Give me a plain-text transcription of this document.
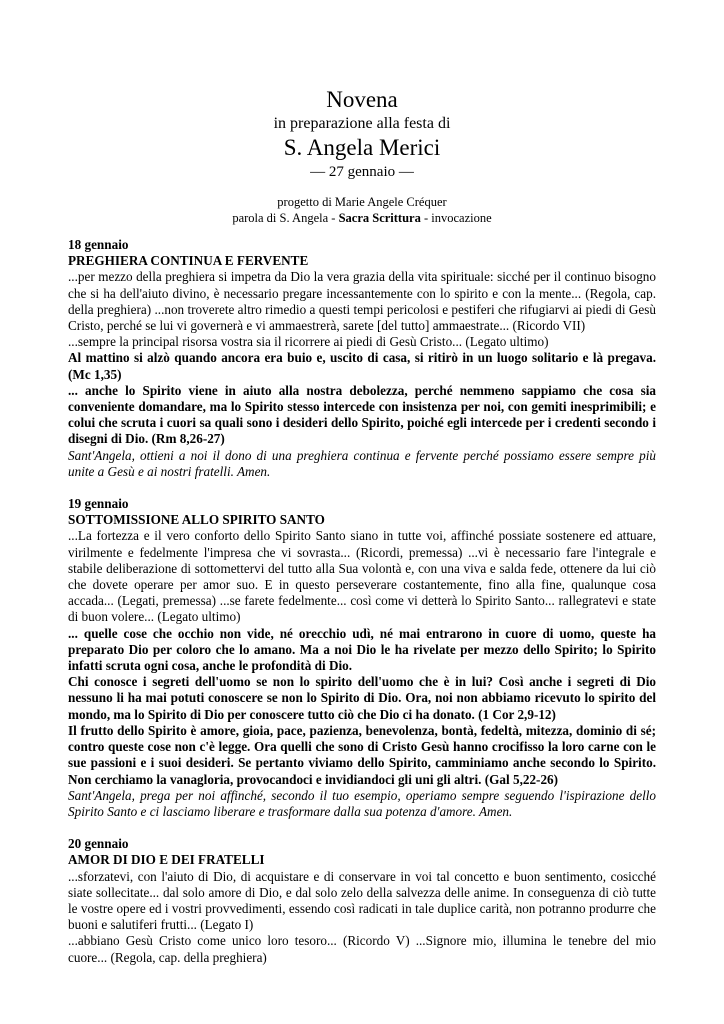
Novena
in preparazione alla festa di
S. Angela Merici
— 27 gennaio —
progetto di Marie Angele Créquer
parola di S. Angela - Sacra Scrittura - invocazione
18 gennaio
PREGHIERA CONTINUA E FERVENTE

...per mezzo della preghiera si impetra da Dio la vera grazia della vita spirituale: sicché per il continuo bisogno che si ha dell'aiuto divino, è necessario pregare incessantemente con lo spirito e con la mente... (Regola, cap. della preghiera) ...non troverete altro rimedio a questi tempi pericolosi e pestiferi che rifugiarvi ai piedi di Gesù Cristo, perché se lui vi governerà e vi ammaestrerà, sarete [del tutto] ammaestrate... (Ricordo VII)

...sempre la principal risorsa vostra sia il ricorrere ai piedi di Gesù Cristo... (Legato ultimo)

Al mattino si alzò quando ancora era buio e, uscito di casa, si ritirò in un luogo solitario e là pregava. (Mc 1,35)

... anche lo Spirito viene in aiuto alla nostra debolezza, perché nemmeno sappiamo che cosa sia conveniente domandare, ma lo Spirito stesso intercede con insistenza per noi, con gemiti inesprimibili; e colui che scruta i cuori sa quali sono i desideri dello Spirito, poiché egli intercede per i credenti secondo i disegni di Dio. (Rm 8,26-27)

Sant'Angela, ottieni a noi il dono di una preghiera continua e fervente perché possiamo essere sempre più unite a Gesù e ai nostri fratelli. Amen.

19 gennaio
SOTTOMISSIONE ALLO SPIRITO SANTO

...La fortezza e il vero conforto dello Spirito Santo siano in tutte voi, affinché possiate sostenere ed attuare, virilmente e fedelmente l'impresa che vi sovrasta... (Ricordi, premessa) ...vi è necessario fare l'integrale e stabile deliberazione di sottomettervi del tutto alla Sua volontà e, con una viva e salda fede, ottenere da lui ciò che dovete operare per amor suo. E in questo perseverare costantemente, fino alla fine, qualunque cosa accada... (Legati, premessa) ...se farete fedelmente... così come vi detterà lo Spirito Santo... rallegratevi e state di buon volere... (Legato ultimo)

... quelle cose che occhio non vide, né orecchio udì, né mai entrarono in cuore di uomo, queste ha preparato Dio per coloro che lo amano. Ma a noi Dio le ha rivelate per mezzo dello Spirito; lo Spirito infatti scruta ogni cosa, anche le profondità di Dio.

Chi conosce i segreti dell'uomo se non lo spirito dell'uomo che è in lui? Così anche i segreti di Dio nessuno li ha mai potuti conoscere se non lo Spirito di Dio. Ora, noi non abbiamo ricevuto lo spirito del mondo, ma lo Spirito di Dio per conoscere tutto ciò che Dio ci ha donato. (1 Cor 2,9-12)

Il frutto dello Spirito è amore, gioia, pace, pazienza, benevolenza, bontà, fedeltà, mitezza, dominio di sé; contro queste cose non c'è legge. Ora quelli che sono di Cristo Gesù hanno crocifisso la loro carne con le sue passioni e i suoi desideri. Se pertanto viviamo dello Spirito, camminiamo anche secondo lo Spirito. Non cerchiamo la vanagloria, provocandoci e invidiandoci gli uni gli altri. (Gal 5,22-26)

Sant'Angela, prega per noi affinché, secondo il tuo esempio, operiamo sempre seguendo l'ispirazione dello Spirito Santo e ci lasciamo liberare e trasformare dalla sua potenza d'amore. Amen.

20 gennaio
AMOR DI DIO E DEI FRATELLI

...sforzatevi, con l'aiuto di Dio, di acquistare e di conservare in voi tal concetto e buon sentimento, cosicché siate sollecitate... dal solo amore di Dio, e dal solo zelo della salvezza delle anime. In conseguenza di ciò tutte le vostre opere ed i vostri provvedimenti, essendo così radicati in tale duplice carità, non potranno produrre che buoni e salutiferi frutti... (Legato I)

...abbiano Gesù Cristo come unico loro tesoro... (Ricordo V) ...Signore mio, illumina le tenebre del mio cuore... (Regola, cap. della preghiera)
